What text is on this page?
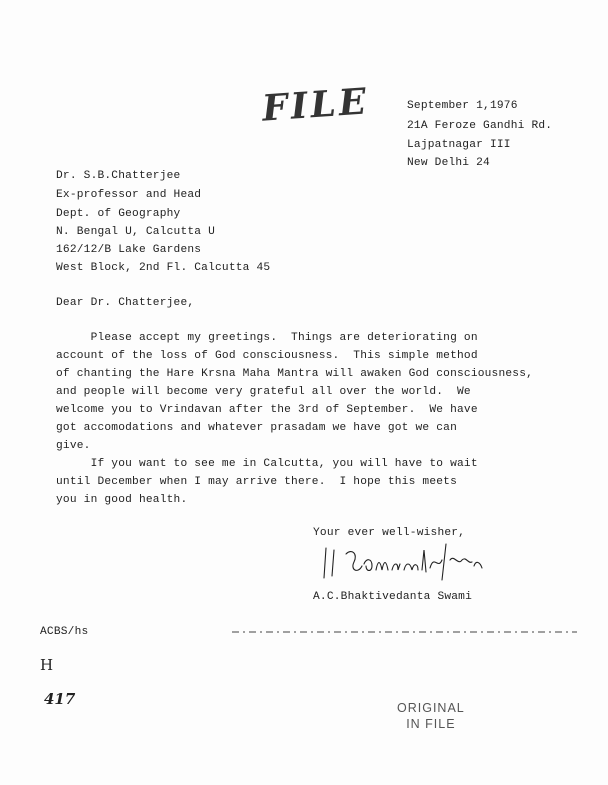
FILE	September 1,1976
21A Feroze Gandhi Rd.
Lajpatnagar III
New Delhi 24
Dr. S.B.Chatterjee
Ex-professor and Head
Dept. of Geography
N. Bengal U, Calcutta U
162/12/B Lake Gardens
West Block, 2nd Fl. Calcutta 45
Dear Dr. Chatterjee,
Please accept my greetings.  Things are deteriorating on
account of the loss of God consciousness.  This simple method
of chanting the Hare Krsna Maha Mantra will awaken God consciousness,
and people will become very grateful all over the world.  We
welcome you to Vrindavan after the 3rd of September.  We have
got accomodations and whatever prasadam we have got we can
give.
If you want to see me in Calcutta, you will have to wait
until December when I may arrive there.  I hope this meets
you in good health.
Your ever well-wisher,
A.C.Bhaktivedanta Swami
ACBS/hs
H
417	ORIGINAL
IN FILE
